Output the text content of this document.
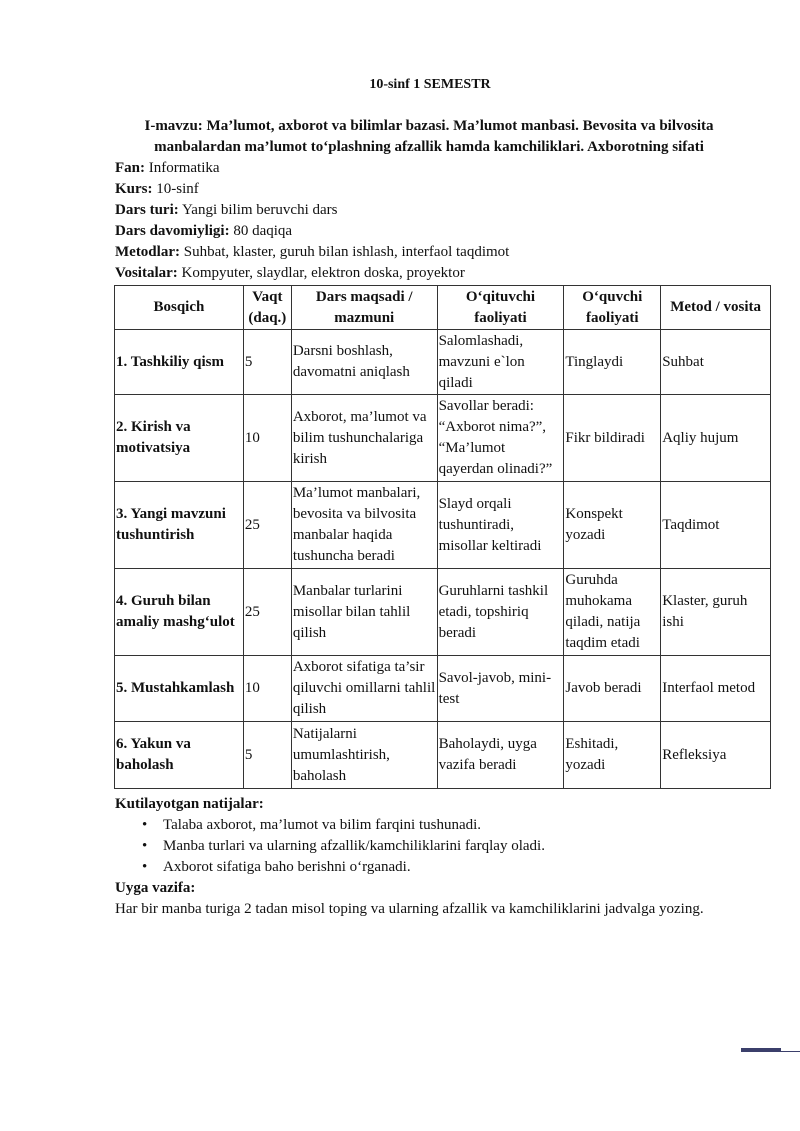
10-sinf 1 SEMESTR
I-mavzu: Ma’lumot, axborot va bilimlar bazasi. Ma’lumot manbasi. Bevosita va bilvosita manbalardan ma’lumot to‘plashning afzallik hamda kamchiliklari. Axborotning sifati
Fan: Informatika
Kurs: 10-sinf
Dars turi: Yangi bilim beruvchi dars
Dars davomiyligi: 80 daqiqa
Metodlar: Suhbat, klaster, guruh bilan ishlash, interfaol taqdimot
Vositalar: Kompyuter, slaydlar, elektron doska, proyektor
Bosqich	Vaqt (daq.)	Dars maqsadi / mazmuni	O‘qituvchi faoliyati	O‘quvchi faoliyati	Metod / vosita
1. Tashkiliy qism	5	Darsni boshlash, davomatni aniqlash	Salomlashadi, mavzuni e`lon qiladi	Tinglaydi	Suhbat
2. Kirish va motivatsiya	10	Axborot, ma’lumot va bilim tushunchalariga kirish	Savollar beradi: “Axborot nima?”, “Ma’lumot qayerdan olinadi?”	Fikr bildiradi	Aqliy hujum
3. Yangi mavzuni tushuntirish	25	Ma’lumot manbalari, bevosita va bilvosita manbalar haqida tushuncha beradi	Slayd orqali tushuntiradi, misollar keltiradi	Konspekt yozadi	Taqdimot
4. Guruh bilan amaliy mashg‘ulot	25	Manbalar turlarini misollar bilan tahlil qilish	Guruhlarni tashkil etadi, topshiriq beradi	Guruhda muhokama qiladi, natija taqdim etadi	Klaster, guruh ishi
5. Mustahkamlash	10	Axborot sifatiga ta’sir qiluvchi omillarni tahlil qilish	Savol-javob, mini-test	Javob beradi	Interfaol metod
6. Yakun va baholash	5	Natijalarni umumlashtirish, baholash	Baholaydi, uyga vazifa beradi	Eshitadi, yozadi	Refleksiya
Kutilayotgan natijalar:
• Talaba axborot, ma’lumot va bilim farqini tushunadi.
• Manba turlari va ularning afzallik/kamchiliklarini farqlay oladi.
• Axborot sifatiga baho berishni o‘rganadi.
Uyga vazifa:

Har bir manba turiga 2 tadan misol toping va ularning afzallik va kamchiliklarini jadvalga yozing.
